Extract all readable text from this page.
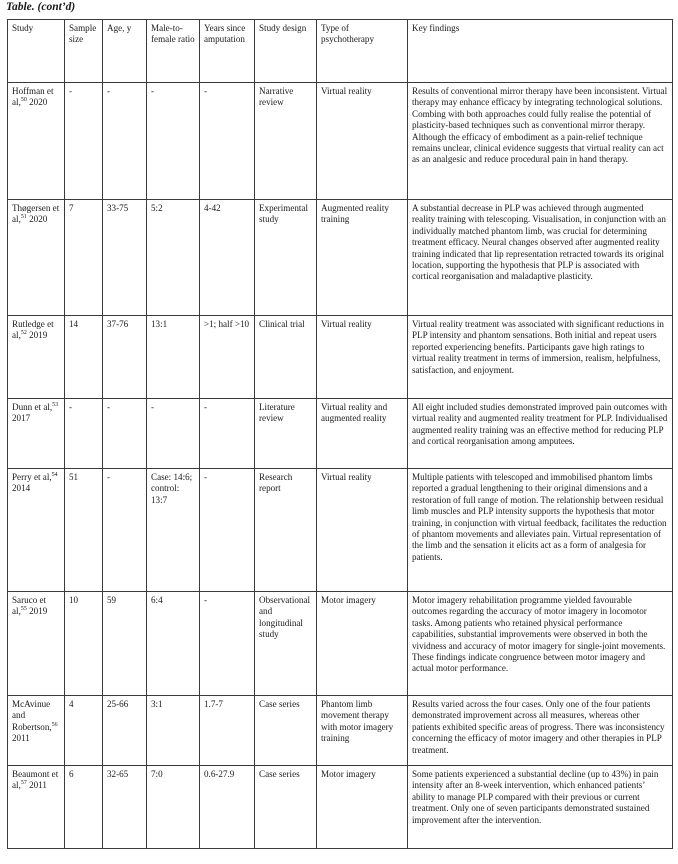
Table. (cont’d)
Study	Sample size	Age, y	Male-to-female ratio	Years since amputation	Study design	Type of psychotherapy	Key findings
Hoffman et al,$^{50}$ 2020	-	-	-	-	Narrative review	Virtual reality	Results of conventional mirror therapy have been inconsistent. Virtual therapy may enhance efficacy by integrating technological solutions. Combing with both approaches could fully realise the potential of plasticity-based techniques such as conventional mirror therapy. Although the efficacy of embodiment as a pain-relief technique remains unclear, clinical evidence suggests that virtual reality can act as an analgesic and reduce procedural pain in hand therapy.
Thøgersen et al,$^{51}$ 2020	7	33-75	5:2	4-42	Experimental study	Augmented reality training	A substantial decrease in PLP was achieved through augmented reality training with telescoping. Visualisation, in conjunction with an individually matched phantom limb, was crucial for determining treatment efficacy. Neural changes observed after augmented reality training indicated that lip representation retracted towards its original location, supporting the hypothesis that PLP is associated with cortical reorganisation and maladaptive plasticity.
Rutledge et al,$^{52}$ 2019	14	37-76	13:1	>1; half >10	Clinical trial	Virtual reality	Virtual reality treatment was associated with significant reductions in PLP intensity and phantom sensations. Both initial and repeat users reported experiencing benefits. Participants gave high ratings to virtual reality treatment in terms of immersion, realism, helpfulness, satisfaction, and enjoyment.
Dunn et al,$^{53}$ 2017	-	-	-	-	Literature review	Virtual reality and augmented reality	All eight included studies demonstrated improved pain outcomes with virtual reality and augmented reality treatment for PLP. Individualised augmented reality training was an effective method for reducing PLP and cortical reorganisation among amputees.
Perry et al,$^{54}$ 2014	51	-	Case: 14:6; control: 13:7	-	Research report	Virtual reality	Multiple patients with telescoped and immobilised phantom limbs reported a gradual lengthening to their original dimensions and a restoration of full range of motion. The relationship between residual limb muscles and PLP intensity supports the hypothesis that motor training, in conjunction with virtual feedback, facilitates the reduction of phantom movements and alleviates pain. Virtual representation of the limb and the sensation it elicits act as a form of analgesia for patients.
Saruco et al,$^{55}$ 2019	10	59	6:4	-	Observational and longitudinal study	Motor imagery	Motor imagery rehabilitation programme yielded favourable outcomes regarding the accuracy of motor imagery in locomotor tasks. Among patients who retained physical performance capabilities, substantial improvements were observed in both the vividness and accuracy of motor imagery for single-joint movements. These findings indicate congruence between motor imagery and actual motor performance.
McAvinue and Robertson,$^{56}$ 2011	4	25-66	3:1	1.7-7	Case series	Phantom limb movement therapy with motor imagery training	Results varied across the four cases. Only one of the four patients demonstrated improvement across all measures, whereas other patients exhibited specific areas of progress. There was inconsistency concerning the efficacy of motor imagery and other therapies in PLP treatment.
Beaumont et al,$^{57}$ 2011	6	32-65	7:0	0.6-27.9	Case series	Motor imagery	Some patients experienced a substantial decline (up to 43%) in pain intensity after an 8-week intervention, which enhanced patients’ ability to manage PLP compared with their previous or current treatment. Only one of seven participants demonstrated sustained improvement after the intervention.
